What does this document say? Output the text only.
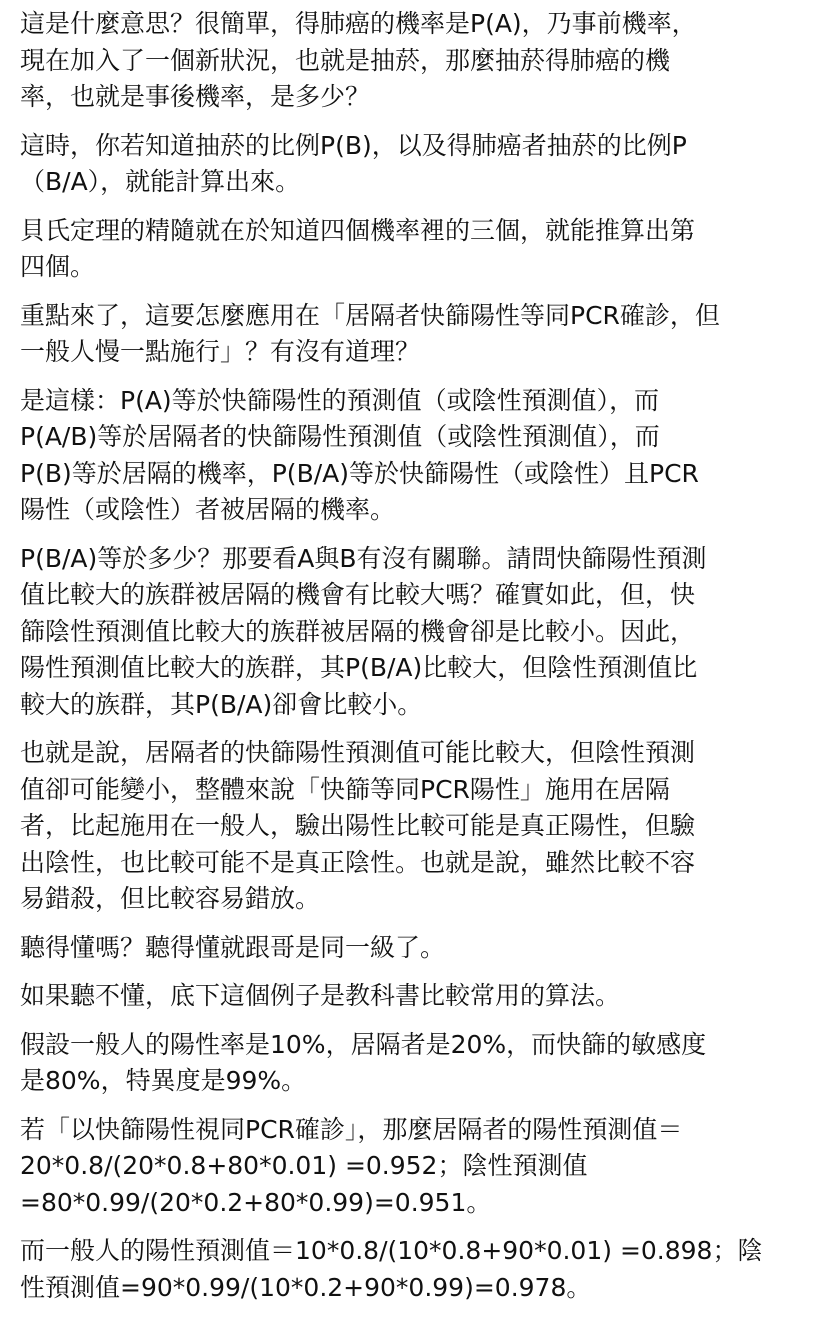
這是什麼意思？很簡單，得肺癌的機率是P(A)，乃事前機率，
現在加入了一個新狀況，也就是抽菸，那麼抽菸得肺癌的機
率，也就是事後機率，是多少？

這時，你若知道抽菸的比例P(B)，以及得肺癌者抽菸的比例P
（B/A），就能計算出來。

貝氏定理的精隨就在於知道四個機率裡的三個，就能推算出第
四個。

重點來了，這要怎麼應用在「居隔者快篩陽性等同PCR確診，但
一般人慢一點施行」？有沒有道理？

是這樣：P(A)等於快篩陽性的預測值（或陰性預測值），而
P(A/B)等於居隔者的快篩陽性預測值（或陰性預測值），而
P(B)等於居隔的機率，P(B/A)等於快篩陽性（或陰性）且PCR
陽性（或陰性）者被居隔的機率。

P(B/A)等於多少？那要看A與B有沒有關聯。請問快篩陽性預測
值比較大的族群被居隔的機會有比較大嗎？確實如此，但，快
篩陰性預測值比較大的族群被居隔的機會卻是比較小。因此，
陽性預測值比較大的族群，其P(B/A)比較大，但陰性預測值比
較大的族群，其P(B/A)卻會比較小。

也就是說，居隔者的快篩陽性預測值可能比較大，但陰性預測
值卻可能變小，整體來說「快篩等同PCR陽性」施用在居隔
者，比起施用在一般人，驗出陽性比較可能是真正陽性，但驗
出陰性，也比較可能不是真正陰性。也就是說，雖然比較不容
易錯殺，但比較容易錯放。

聽得懂嗎？聽得懂就跟哥是同一級了。

如果聽不懂，底下這個例子是教科書比較常用的算法。

假設一般人的陽性率是10%，居隔者是20%，而快篩的敏感度
是80%，特異度是99%。

若「以快篩陽性視同PCR確診」，那麼居隔者的陽性預測值＝
20*0.8/(20*0.8+80*0.01) =0.952；陰性預測值
=80*0.99/(20*0.2+80*0.99)=0.951。

而一般人的陽性預測值＝10*0.8/(10*0.8+90*0.01) =0.898；陰
性預測值=90*0.99/(10*0.2+90*0.99)=0.978。
